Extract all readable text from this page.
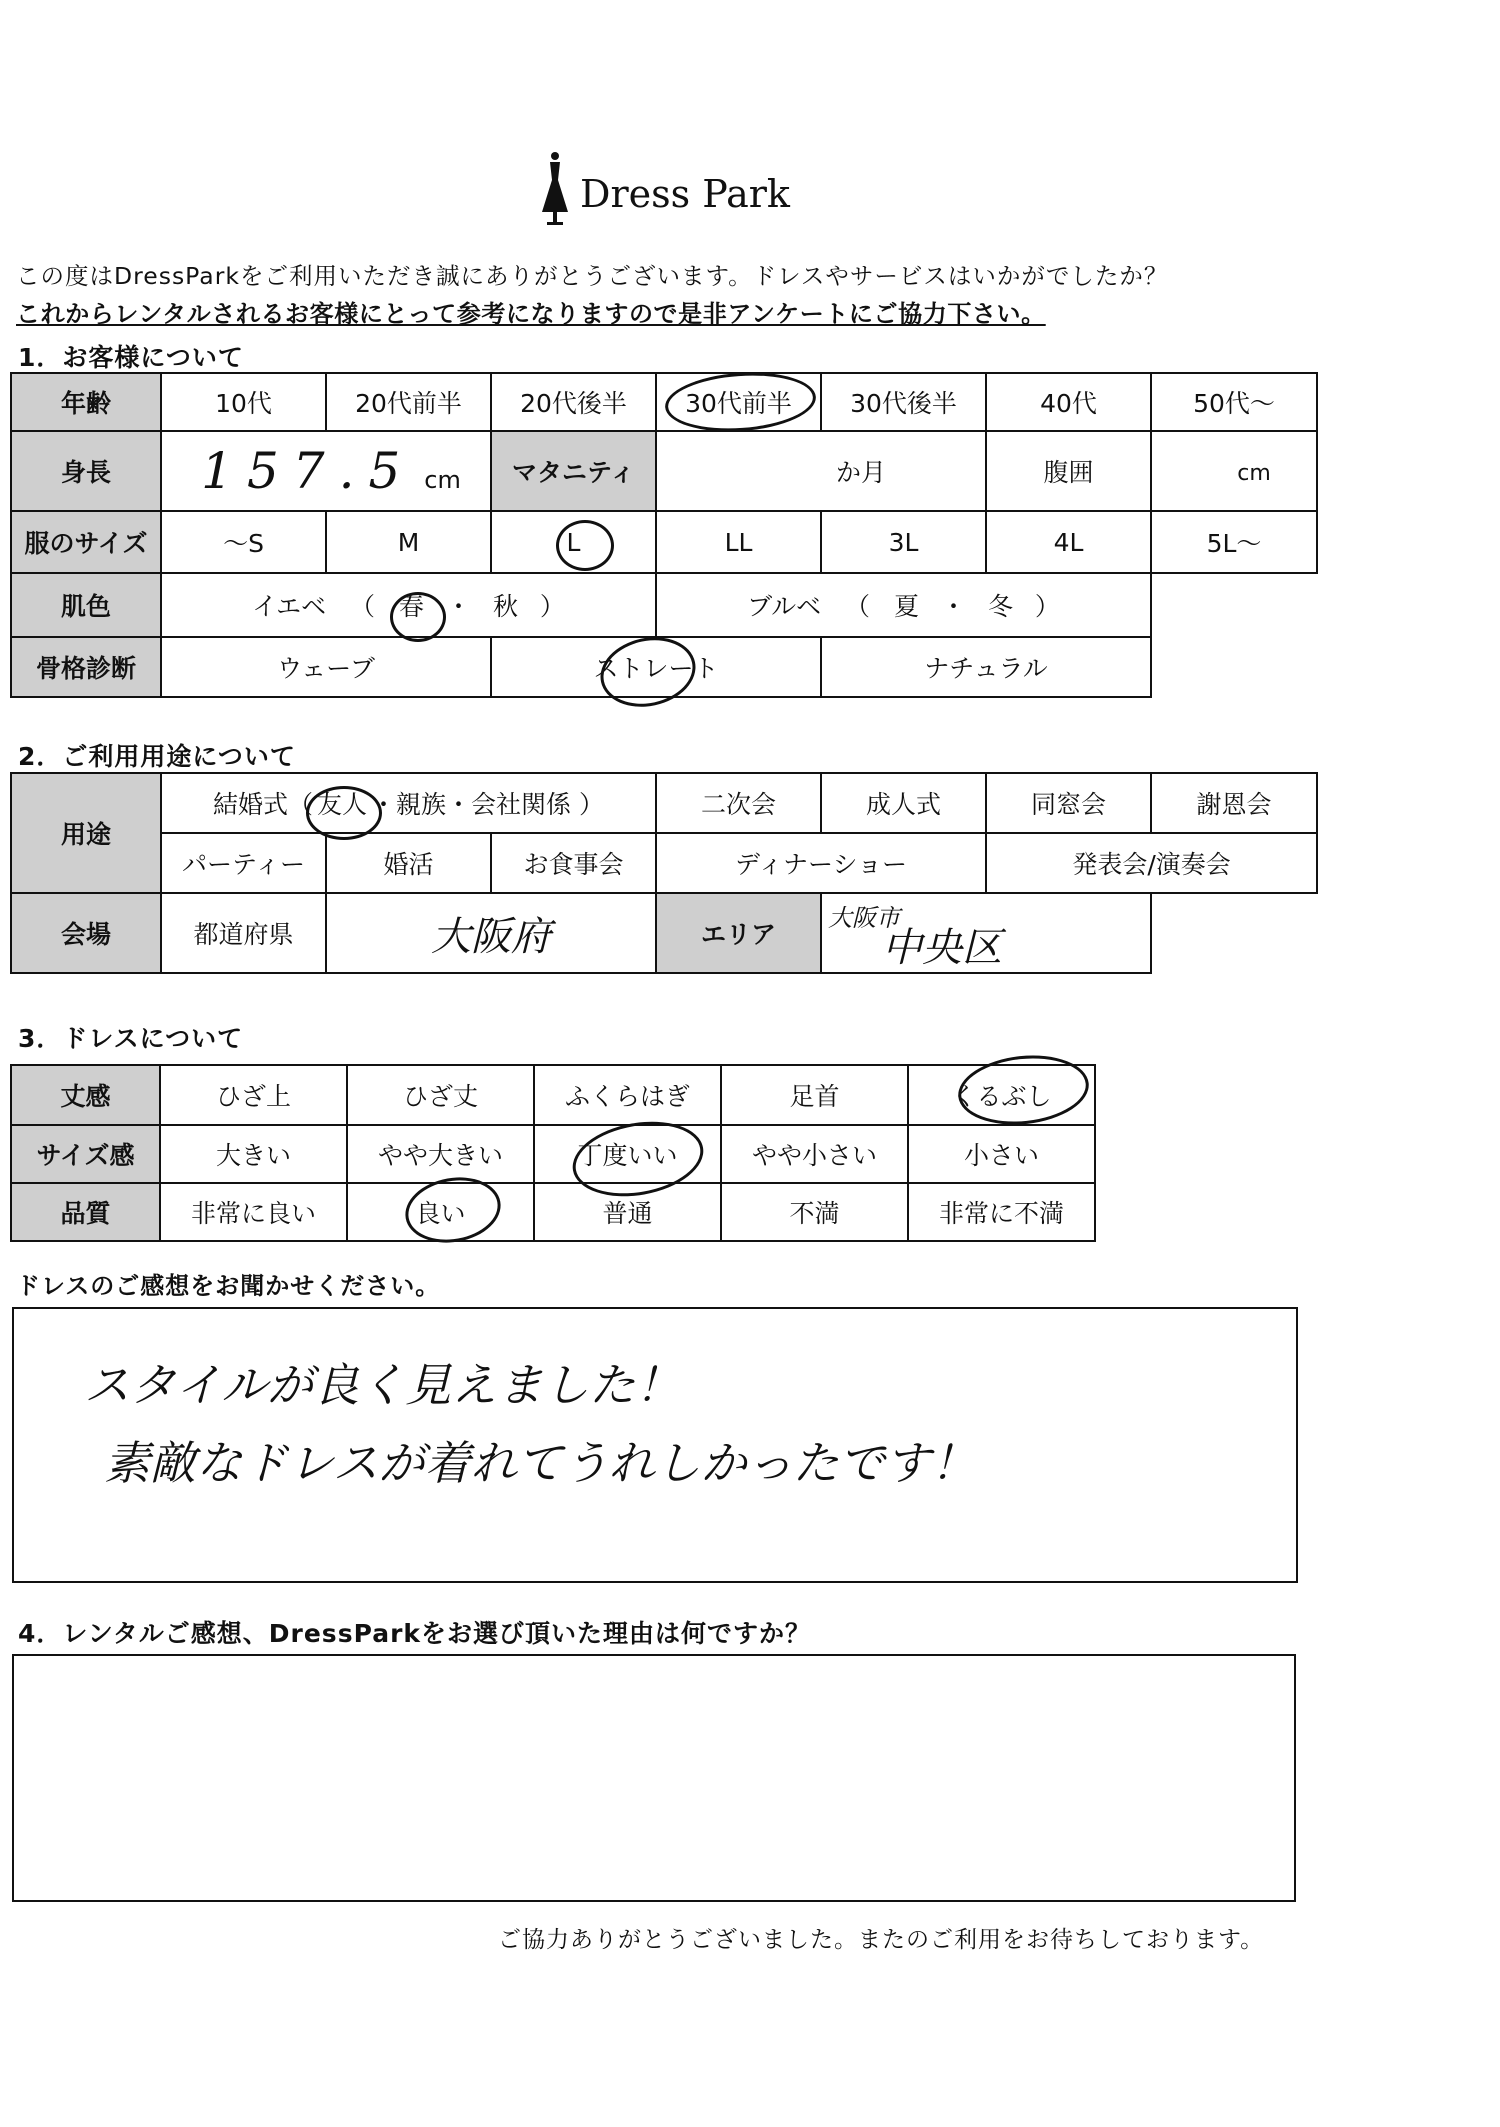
Dress Park
この度はDressParkをご利用いただき誠にありがとうございます。ドレスやサービスはいかがでしたか？
これからレンタルされるお客様にとって参考になりますので是非アンケートにご協力下さい。
1．お客様について
年齢	10代	20代前半	20代後半	30代前半	30代後半	40代	50代～
身長	157.5 cm		マタニティ	か月		腹囲	cm
服のサイズ	～S	M	L	LL	3L	4L	5L～
肌色	イエベ （ 春 ・ 秋 ）			ブルベ （ 夏 ・ 冬 ）			
骨格診断	ウェーブ		ストレート		ナチュラル		
2．ご利用用途について
用途	結婚式（ 友人 ・親族・会社関係 ）			二次会	成人式	同窓会	謝恩会
	パーティー	婚活	お食事会	ディナーショー		発表会/演奏会	
会場	都道府県	大阪府		エリア	大阪市
中央区		

3．ドレスについて
丈感	ひざ上	ひざ丈	ふくらはぎ	足首	くるぶし
サイズ感	大きい	やや大きい	丁度いい	やや小さい	小さい
品質	非常に良い	良い	普通	不満	非常に不満
ドレスのご感想をお聞かせください。
スタイルが良く見えました！
素敵なドレスが着れてうれしかったです！
4．レンタルご感想、DressParkをお選び頂いた理由は何ですか？
ご協力ありがとうございました。またのご利用をお待ちしております。
